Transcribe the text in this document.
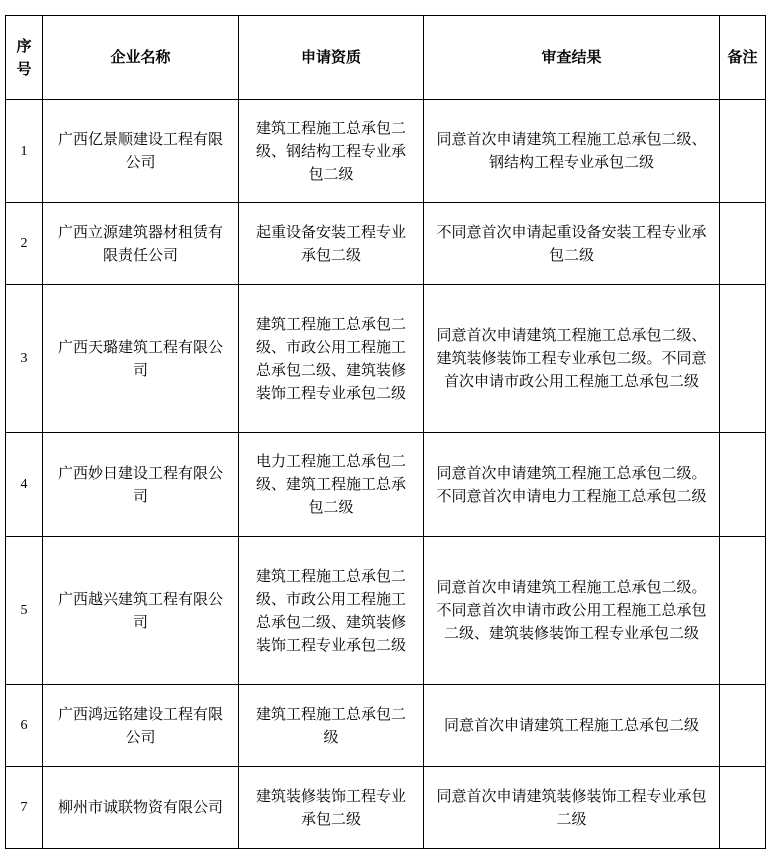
序号	企业名称	申请资质	审查结果	备注
1	广西亿景顺建设工程有限公司	建筑工程施工总承包二级、钢结构工程专业承包二级	同意首次申请建筑工程施工总承包二级、钢结构工程专业承包二级	

2	广西立源建筑器材租赁有限责任公司	起重设备安装工程专业承包二级	不同意首次申请起重设备安装工程专业承包二级	

3	广西天璐建筑工程有限公司	建筑工程施工总承包二级、市政公用工程施工总承包二级、建筑装修装饰工程专业承包二级	同意首次申请建筑工程施工总承包二级、建筑装修装饰工程专业承包二级。不同意首次申请市政公用工程施工总承包二级	

4	广西妙日建设工程有限公司	电力工程施工总承包二级、建筑工程施工总承包二级	同意首次申请建筑工程施工总承包二级。不同意首次申请电力工程施工总承包二级	

5	广西越兴建筑工程有限公司	建筑工程施工总承包二级、市政公用工程施工总承包二级、建筑装修装饰工程专业承包二级	同意首次申请建筑工程施工总承包二级。不同意首次申请市政公用工程施工总承包二级、建筑装修装饰工程专业承包二级	

6	广西鸿远铭建设工程有限公司	建筑工程施工总承包二级	同意首次申请建筑工程施工总承包二级	

7	柳州市诚联物资有限公司	建筑装修装饰工程专业承包二级	同意首次申请建筑装修装饰工程专业承包二级	
